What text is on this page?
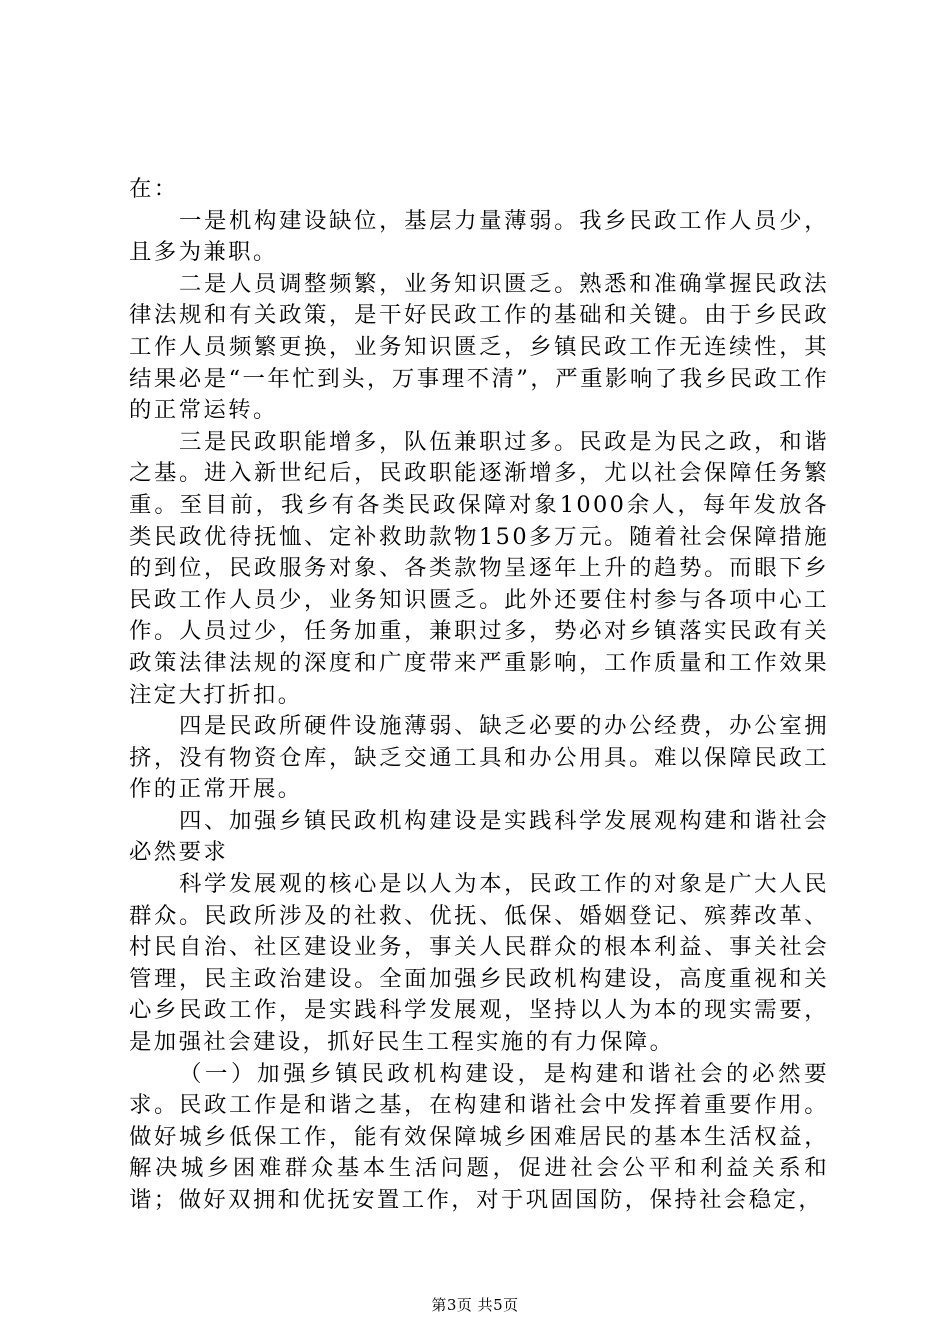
在：

一是机构建设缺位，基层力量薄弱。我乡民政工作人员少，且多为兼职。

二是人员调整频繁，业务知识匮乏。熟悉和准确掌握民政法律法规和有关政策，是干好民政工作的基础和关键。由于乡民政工作人员频繁更换，业务知识匮乏，乡镇民政工作无连续性，其结果必是“一年忙到头，万事理不清”，严重影响了我乡民政工作的正常运转。

三是民政职能增多，队伍兼职过多。民政是为民之政，和谐之基。进入新世纪后，民政职能逐渐增多，尤以社会保障任务繁重。至目前，我乡有各类民政保障对象1000余人，每年发放各类民政优待抚恤、定补救助款物150多万元。随着社会保障措施的到位，民政服务对象、各类款物呈逐年上升的趋势。而眼下乡民政工作人员少，业务知识匮乏。此外还要住村参与各项中心工作。人员过少，任务加重，兼职过多，势必对乡镇落实民政有关政策法律法规的深度和广度带来严重影响，工作质量和工作效果注定大打折扣。

四是民政所硬件设施薄弱、缺乏必要的办公经费，办公室拥挤，没有物资仓库，缺乏交通工具和办公用具。难以保障民政工作的正常开展。

四、加强乡镇民政机构建设是实践科学发展观构建和谐社会必然要求

科学发展观的核心是以人为本，民政工作的对象是广大人民群众。民政所涉及的社救、优抚、低保、婚姻登记、殡葬改革、村民自治、社区建设业务，事关人民群众的根本利益、事关社会管理，民主政治建设。全面加强乡民政机构建设，高度重视和关心乡民政工作，是实践科学发展观，坚持以人为本的现实需要，是加强社会建设，抓好民生工程实施的有力保障。

（一）加强乡镇民政机构建设，是构建和谐社会的必然要求。民政工作是和谐之基，在构建和谐社会中发挥着重要作用。做好城乡低保工作，能有效保障城乡困难居民的基本生活权益，解决城乡困难群众基本生活问题，促进社会公平和利益关系和谐；做好双拥和优抚安置工作，对于巩固国防，保持社会稳定，

第3页 共5页
